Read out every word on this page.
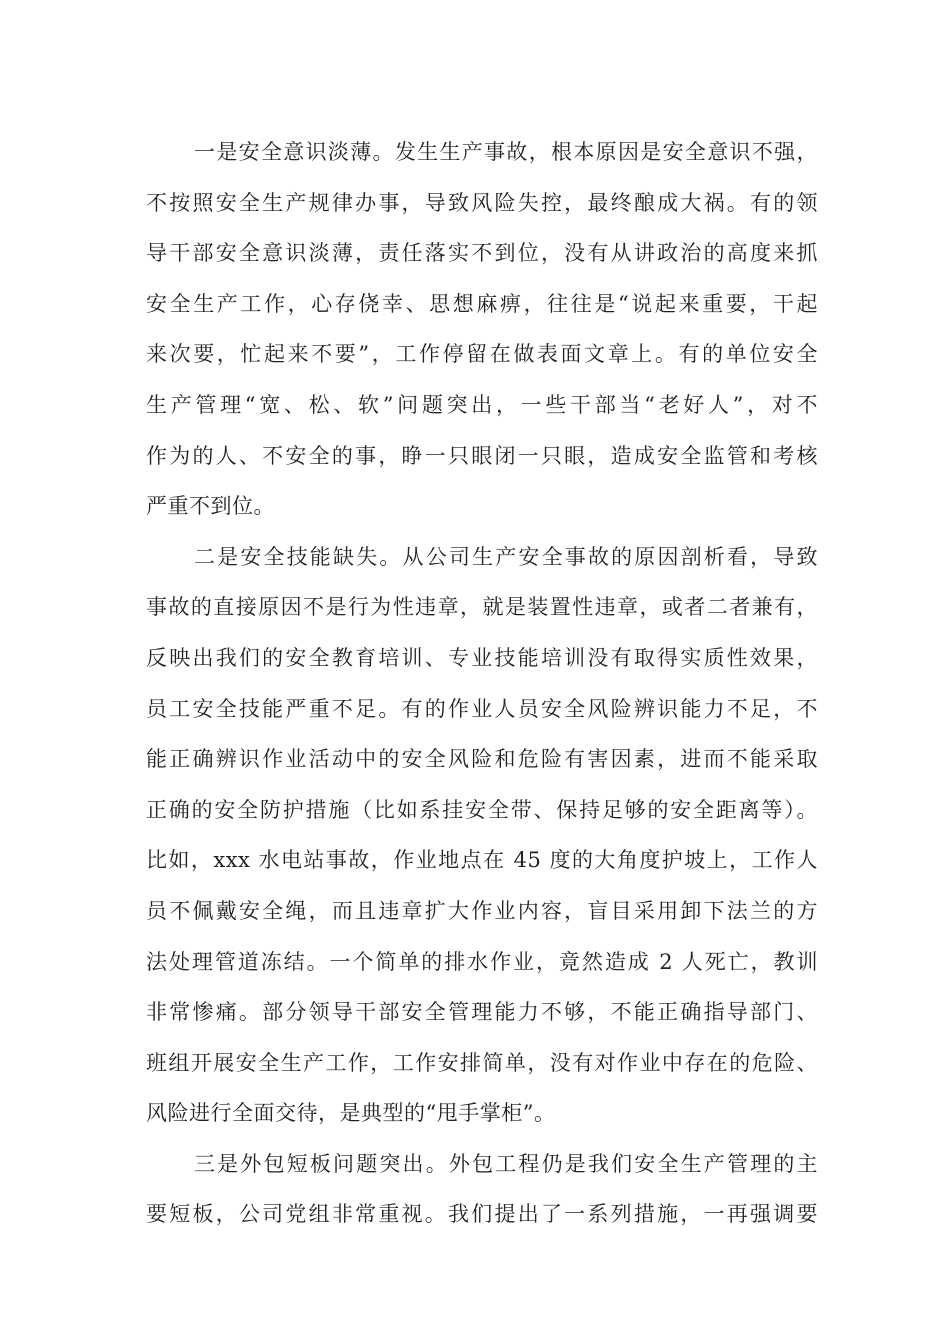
一是安全意识淡薄。发生生产事故，根本原因是安全意识不强，
不按照安全生产规律办事，导致风险失控，最终酿成大祸。有的领
导干部安全意识淡薄，责任落实不到位，没有从讲政治的高度来抓
安全生产工作，心存侥幸、思想麻痹，往往是“说起来重要，干起
来次要，忙起来不要”，工作停留在做表面文章上。有的单位安全
生产管理“宽、松、软”问题突出，一些干部当“老好人”，对不
作为的人、不安全的事，睁一只眼闭一只眼，造成安全监管和考核
严重不到位。
二是安全技能缺失。从公司生产安全事故的原因剖析看，导致
事故的直接原因不是行为性违章，就是装置性违章，或者二者兼有，
反映出我们的安全教育培训、专业技能培训没有取得实质性效果，
员工安全技能严重不足。有的作业人员安全风险辨识能力不足，不
能正确辨识作业活动中的安全风险和危险有害因素，进而不能采取
正确的安全防护措施（比如系挂安全带、保持足够的安全距离等）。
比如，xxx 水电站事故，作业地点在 45 度的大角度护坡上，工作人
员不佩戴安全绳，而且违章扩大作业内容，盲目采用卸下法兰的方
法处理管道冻结。一个简单的排水作业，竟然造成 2 人死亡，教训
非常惨痛。部分领导干部安全管理能力不够，不能正确指导部门、
班组开展安全生产工作，工作安排简单，没有对作业中存在的危险、
风险进行全面交待，是典型的“甩手掌柜”。
三是外包短板问题突出。外包工程仍是我们安全生产管理的主
要短板，公司党组非常重视。我们提出了一系列措施，一再强调要
